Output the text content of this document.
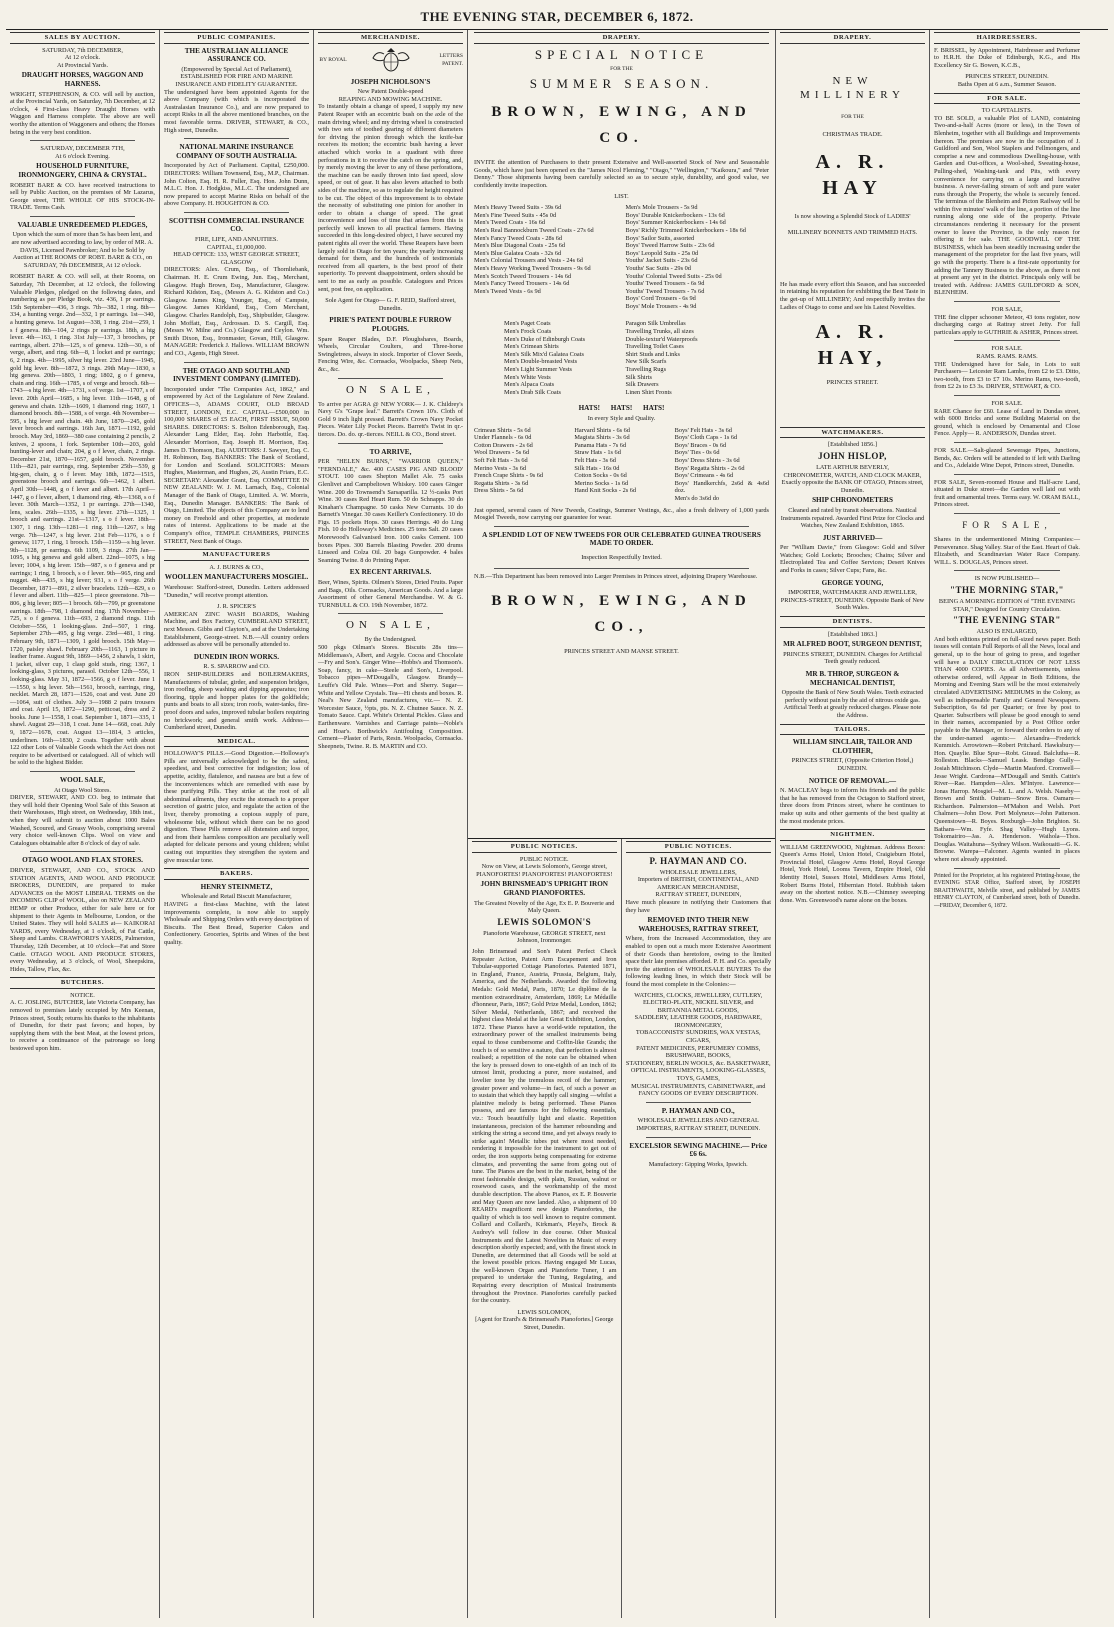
THE EVENING STAR, DECEMBER 6, 1872.
SALES BY AUCTION.
SATURDAY, 7th DECEMBER,
At 12 o'clock.
At Provincial Yards.
DRAUGHT HORSES, WAGGON AND HARNESS.
WRIGHT, STEPHENSON, & CO. will sell by auction, at the Provincial Yards, on Saturday, 7th December, at 12 o'clock, 4 First-class Heavy Draught Horses with Waggon and Harness complete. The above are well worthy the attention of Waggoners and others; the Horses being in the very best condition.
SATURDAY, DECEMBER 7TH,
At 6 o'clock Evening.
HOUSEHOLD FURNITURE, IRONMONGERY, CHINA & CRYSTAL.
ROBERT BARE & CO. have received instructions to sell by Public Auction, on the premises of Mr Lazarus, George street, THE WHOLE OF HIS STOCK-IN-TRADE. Terms Cash.
VALUABLE UNREDEEMED PLEDGES,
Upon which the sum of more than 5s has been lent, and are now advertised according to law, by order of MR. A. DAVIS, Licensed Pawnbroker; And to be Sold by Auction at THE ROOMS OF ROBT. BARE & CO., on SATURDAY, 7th DECEMBER, At 12 o'clock.
ROBERT BARE & CO. will sell, at their Rooms, on Saturday, 7th December, at 12 o'clock, the following Valuable Pledges, pledged on the following dates, and numbering as per Pledge Book, viz. 436, 1 pr earrings. 15th September—436, 3 rings. 7th—382, 1 ring. 8th—334, a hunting verge. 2nd—332, 1 pr earrings. 1st—340, a hunting geneva. 1st August—338, 1 ring. 21st—259, 1 s f geneva. 8th—104, 2 rings pr earrings. 18th, a htg lever. 4th—163, 1 ring. 31st July—137, 3 brooches, pr earrings, albert. 27th—125, s of geneva. 12th—30, s of verge, albert, and ring. 6th—8, 1 locket and pr earrings; 6, 2 rings. 4th—1995, silver htg lever. 23rd June—1945, gold htg lever. 8th—1872, 3 rings. 29th May—1830, s htg geneva. 20th—1803, 1 ring; 1802, g o f geneva, chain and ring. 16th—1785, s of verge and brooch. 6th—1743—s htg lever. 4th—1731, s of verge. 1st—1707, s of lever. 20th April—1685, s htg lever. 11th—1648, g of geneva and chain. 12th—1609, 1 diamond ring; 1607, 1 diamond brooch. 8th—1588, s of verge. 4th November—595, s htg lever and chain. 4th June, 1870—245, gold lever brooch and earrings. 16th Jan, 1871—1192, gold brooch. May 3rd, 1869—380 case containing 2 pencils, 2 knives, 2 spoons, 1 fork. September 10th—203, gold hunting-lever and chain; 204, g o f lever, chain, 2 rings. December 21st, 1870—1657, gold brooch. November 11th—821, pair earrings, ring. September 25th—539, g htg-gen, chain, g o f lever. May 18th, 1872—1515, greenstone brooch and earrings. 6th—1462, 1 albert. April 30th—1448, g o f lever and albert. 17th April—1447, g o f lever, albert, 1 diamond ring. 4th—1368, s o f lever. 30th March—1352, 1 pr earrings. 27th—1340, lens, scales. 26th—1335, s htg lever. 27th—1325, 1 brooch and earrings. 21st—1317, s o f lever. 18th—1307, 1 ring. 13th—1281—1 ring. 11th—1267, s htg verge. 7th—1247, s htg lever. 21st Feb—1176, s o f geneva; 1177, 1 ring, 1 brooch. 15th—1159—s htg lever. 9th—1128, pr earrings. 6th 1109, 3 rings. 27th Jan—1095, s htg geneva and gold albert. 22nd—1075, s htg lever; 1004, s htg lever. 15th—987, s o f geneva and pr earrings; 1 ring, 1 brooch, s o f lever. 9th—965, ring and nugget. 4th—435, s htg lever; 931, s o f verge. 26th December, 1871—891, 2 silver bracelets. 12th—829, s o f lever and albert. 11th—825—1 piece greenstone. 7th—806, g htg lever; 805—1 brooch. 6th—799, pr greenstone earrings. 18th—798, 1 diamond ring. 17th November—725, s o f geneva. 11th—693, 2 diamond rings. 11th October—556, 1 looking-glass. 2nd—507, 1 ring. September 27th—495, g htg verge. 23rd—481, 1 ring. February 9th, 1871—1309, 1 gold brooch. 15th May—1720, paisley shawl. February 20th—1163, 1 picture in leather frame. August 9th, 1869—1456, 2 shawls, 1 skirt, 1 jacket, silver cup, 1 clasp gold studs, ring; 1367, 1 looking-glass, 3 pictures, parasol. October 12th—556, 1 looking-glass. May 31, 1872—1566, g o f lever. June 1—1550, s htg lever. 5th—1561, brooch, earrings, ring, necklet. March 28, 1871—1526, coat and vest. June 20—1064, suit of clothes. July 3—1988 2 pairs trousers and coat. April 15, 1872—1290, petticoat, dress and 2 books. June 1—1558, 1 coat. September 1, 1871—335, 1 shawl. August 29—318, 1 coat. June 14—668, coat. July 9, 1872—1678, coat. August 13—1814, 3 articles, underlinen. 16th—1830, 2 coats. Together with about 122 other Lots of Valuable Goods which the Act does not require to be advertised or catalogued. All of which will be sold to the highest Bidder.
WOOL SALE,
At Otago Wool Stores.
DRIVER, STEWART, AND CO. beg to intimate that they will hold their Opening Wool Sale of this Season at their Warehouses, High street, on Wednesday, 18th inst., when they will submit to auction about 1000 Bales Washed, Scoured, and Greasy Wools, comprising several very choice well-known Clips. Wool on view and Catalogues obtainable after 8 o'clock of day of sale.
OTAGO WOOL AND FLAX STORES.
DRIVER, STEWART, AND CO., STOCK AND STATION AGENTS, AND WOOL AND PRODUCE BROKERS, DUNEDIN, are prepared to make ADVANCES on the MOST LIBERAL TERMS on the INCOMING CLIP of WOOL, also on NEW ZEALAND HEMP or other Produce, either for sale here or for shipment to their Agents in Melbourne, London, or the United States. They will hold SALES at— KAIKORAI YARDS, every Wednesday, at 1 o'clock, of Fat Cattle, Sheep and Lambs. CRAWFORD'S YARDS, Palmerston, Thursday, 12th December, at 10 o'clock—Fat and Store Cattle. OTAGO WOOL AND PRODUCE STORES, every Wednesday, at 3 o'clock, of Wool, Sheepskins, Hides, Tallow, Flax, &c.
BUTCHERS.
NOTICE.
A. C. JOSLING, BUTCHER, late Victoria Company, has removed to premises lately occupied by Mrs Keenan, Princes street, South; returns his thanks to the inhabitants of Dunedin, for their past favors; and hopes, by supplying them with the best Meat, at the lowest prices, to receive a continuance of the patronage so long bestowed upon him.
PUBLIC COMPANIES.
THE AUSTRALIAN ALLIANCE ASSURANCE CO.
(Empowered by Special Act of Parliament), ESTABLISHED FOR FIRE AND MARINE INSURANCE AND FIDELITY GUARANTEE.
The undersigned have been appointed Agents for the above Company (with which is incorporated the Australasian Insurance Co.), and are now prepared to accept Risks in all the above mentioned branches, on the most favorable terms. DRIVER, STEWART, & CO., High street, Dunedin.
NATIONAL MARINE INSURANCE COMPANY OF SOUTH AUSTRALIA.
Incorporated by Act of Parliament. Capital, £250,000. DIRECTORS: William Townsend, Esq., M.P., Chairman. John Colton, Esq. H. R. Fuller, Esq. Hon. John Dunn, M.L.C. Hon. J. Hodgkiss, M.L.C. The undersigned are now prepared to accept Marine Risks on behalf of the above Company. H. HOUGHTON & CO.
SCOTTISH COMMERCIAL INSURANCE CO.
FIRE, LIFE, AND ANNUITIES.
CAPITAL, £1,000,000.
HEAD OFFICE: 133, WEST GEORGE STREET, GLASGOW
DIRECTORS: Alex. Crum, Esq., of Thornliebank, Chairman. H. E. Crum Ewing, Jun. Esq., Merchant, Glasgow. Hugh Brown, Esq., Manufacturer, Glasgow. Richard Kidston, Esq., (Messrs A. G. Kidston and Co.) Glasgow. James King, Younger, Esq., of Campsie, Glasgow. James Kirkland, Esq., Corn Merchant, Glasgow. Charles Randolph, Esq., Shipbuilder, Glasgow. John Moffatt, Esq., Ardrossan. D. S. Cargill, Esq. (Messrs W. Milne and Co.) Glasgow and Ceylon. Wm. Smith Dixon, Esq., Ironmaster, Govan, Hill, Glasgow. MANAGER: Frederick J. Hallows. WILLIAM BROWN and CO., Agents, High Street.
THE OTAGO AND SOUTHLAND INVESTMENT COMPANY (LIMITED).
Incorporated under "The Companies Act, 1862," and empowered by Act of the Legislature of New Zealand. OFFICES—3, ADAMS COURT, OLD BROAD STREET, LONDON, E.C. CAPITAL—£500,000 in 100,000 SHARES of £5 EACH, FIRST ISSUE, 50,000 SHARES. DIRECTORS: S. Bolton Edenborough, Esq. Alexander Lang Elder, Esq. John Harbottle, Esq. Alexander Morrison, Esq. Joseph H. Morrison, Esq. James D. Thomson, Esq. AUDITORS: J. Sawyer, Esq. C. H. Robinson, Esq. BANKERS: The Bank of Scotland, for London and Scotland. SOLICITORS: Messrs Hughes, Masterman, and Hughes, 26, Austin Friars, E.C. SECRETARY: Alexander Grant, Esq. COMMITTEE IN NEW ZEALAND: W. J. M. Larnach, Esq., Colonial Manager of the Bank of Otago, Limited. A. W. Morris, Esq., Dunedin Manager. BANKERS: The Bank of Otago, Limited. The objects of this Company are to lend money on Freehold and other properties, at moderate rates of interest. Applications to be made at the Company's office, TEMPLE CHAMBERS, PRINCES STREET, Next Bank of Otago.
MANUFACTURERS
A. J. BURNS & CO.,
WOOLLEN MANUFACTURERS MOSGIEL.
Warehouse: Stafford-street, Dunedin. Letters addressed "Dunedin," will receive prompt attention.
J. R. SPICER'S
AMERICAN ZINC WASH BOARDS, Washing Machine, and Box Factory, CUMBERLAND STREET, next Messrs. Gibbs and Clayton's, and at the Undertaking Establishment, George-street. N.B.—All country orders addressed as above will be personally attended to.
DUNEDIN IRON WORKS.
R. S. SPARROW and CO.
IRON SHIP-BUILDERS and BOILERMAKERS, Manufacturers of tubular, girder, and suspension bridges, iron rooflng, sheep washing and dipping apparatus; iron flooring, tipple and hopper plates for the goldfields; punts and boats to all sizes; iron roofs, water-tanks, fire-proof doors and safes, improved tubular boilers requiring no brickwork; and general smith work. Address—Cumberland street, Dunedin.
MEDICAL.
HOLLOWAY'S PILLS.—Good Digestion.—Holloway's Pills are universally acknowledged to be the safest, speediest, and best corrective for indigestion; loss of appetite, acidity, flatulence, and nausea are but a few of the inconveniences which are remedied with ease by these purifying Pills. They strike at the root of all abdominal ailments, they excite the stomach to a proper secretion of gastric juice, and regulate the action of the liver, thereby promoting a copious supply of pure, wholesome bile, without which there can be no good digestion. These Pills remove all distension and torpor, and from their harmless composition are peculiarly well adapted for delicate persons and young children; whilst casting out impurities they strengthen the system and give muscular tone.
BAKERS.
HENRY STEINMETZ,
Wholesale and Retail Biscuit Manufacturer,
HAVING a first-class Machine, with the latest improvements complete, is now able to supply Wholesale and Shipping Orders with every description of Biscuits. The Best Bread, Superior Cakes and Confectionery. Groceries, Spirits and Wines of the best quality.
MERCHANDISE.
BY ROYAL
LETTERS PATENT.
JOSEPH NICHOLSON'S
New Patent Double-speed
REAPING AND MOWING MACHINE.
To instantly obtain a change of speed, I supply my new Patent Reaper with an eccentric bush on the axle of the main driving wheel; and my driving wheel is constructed with two sets of toothed gearing of different diameters for driving the pinion through which the knife-bar receives its motion; the eccentric bush having a lever attached which works in a quadrant with three perforations in it to receive the catch on the spring, and, by merely moving the lever to any of these perforations, the machine can be easily thrown into fast speed, slow speed, or out of gear. It has also levers attached to both sides of the machine, so as to regulate the height required to be cut. The object of this improvement is to obviate the necessity of substituting one pinion for another in order to obtain a change of speed. The great inconvenience and loss of time that arises from this is perfectly well known to all practical farmers. Having succeeded in this long-desired object, I have secured my patent rights all over the world. These Reapers have been largely sold in Otago for ten years; the yearly increasing demand for them, and the hundreds of testimonials received from all quarters, is the best proof of their superiority. To prevent disappointment, orders should be sent to me as early as possible. Catalogues and Prices sent, post free, on application.
Sole Agent for Otago— G. F. REID, Stafford street, Dunedin.
PIRIE'S PATENT DOUBLE FURROW PLOUGHS.
Spare Reaper Blades, D.F. Ploughshares, Boards, Wheels, Circular Coulters, and Three-horse Swingletrees, always in stock. Importer of Clover Seeds, Fencing Wire, &c. Cornsacks, Woolpacks, Sheep Nets, &c., &c.
ON SALE,
To arrive per AGRA @ NEW YORK— J. K. Childrey's Navy G's "Grape leaf." Barrett's Crown 10's. Cloth of Gold 9 inch light pressed. Barrett's Crown Navy Pocket Pieces. Water Lily Pocket Pieces. Barrett's Twist in qr.-tierces. Do. do. qr.-tierces. NEILL & CO., Bond street.
TO ARRIVE,
PER "HELEN BURNS," "WARRIOR QUEEN," "FERNDALE," &c. 400 CASES PIG AND BLOOD' STOUT. 100 cases Shepton Mallet Ale. 75 casks Glenlivet and Campbeltown Whiskey. 100 cases Ginger Wine. 200 do Townsend's Sarsaparilla. 12 ½-casks Port Wine. 30 cases Red Heart Rum. 50 do Schnapps. 30 do Kinahan's Champagne. 50 casks New Currants. 10 do Barnett's Vinegar. 30 cases Keiller's Confectionery. 10 do Figs. 15 pockets Hops. 30 cases Herrings. 40 do Ling Fish. 10 do Holloway's Medicines. 25 tons Salt. 20 cases Morewood's Galvanised Iron. 100 casks Cement. 100 boxes Pipes. 300 Barrels Blasting Powder. 200 drums Linseed and Colza Oil. 20 bags Gunpowder. 4 bales Seaming Twine. 8 do Printing Paper.
EX RECENT ARRIVALS.
Beer, Wines, Spirits. Oilmen's Stores, Dried Fruits. Paper and Bags, Oils. Cornsacks, American Goods. And a large Assortment of other General Merchandise. W. & G. TURNBULL & CO. 19th November, 1872.
ON SALE,
By the Undersigned.
500 pkgs Oilman's Stores. Biscuits 28s tins—Middlemass's, Albert, and Argyle. Cocoa and Chocolate—Fry and Son's. Ginger Wine—Hobbs's and Thomson's. Soap, fancy, in cake—Steele and Son's, Liverpool. Tobacco pipes—M'Dougall's, Glasgow. Brandy—Leuffe's Old Pale. Wines—Port and Sherry. Sugar—White and Yellow Crystals. Tea—Hi chests and boxes. R. Neal's New Zealand manufactures, viz.— N. Z. Worcester Sauce, ½pts, pts. N. Z. Chutnee Sauce. N. Z. Tomato Sauce. Capt. White's Oriental Pickles. Glass and Earthenware. Varnishes and Carriage paints—Noble's and Hoar's. Borthwick's Antifouling Composition. Cement—Plaster of Paris, Resin. Woolpacks, Cornsacks. Sheepnets, Twine. R. B. MARTIN and CO.
DRAPERY.
SPECIAL NOTICE
FOR THE
SUMMER SEASON.
BROWN, EWING, AND CO.
INVITE the attention of Purchasers to their present Extensive and Well-assorted Stock of New and Seasonable Goods, which have just been opened ex the "James Nicol Fleming," "Otago," "Wellington," "Kaikoura," and "Peter Denny." Those shipments having been carefully selected so as to secure style, durability, and good value, we confidently invite inspection.
LIST.
Men's Heavy Tweed Suits - 39s 6d
Men's Fine Tweed Suits - 45s 0d
Men's Tweed Coats - 16s 6d
Men's Real Bannockburn Tweed Coats - 27s 6d
Men's Fancy Tweed Coats - 28s 6d
Men's Blue Diagonal Coats - 25s 6d
Men's Blue Galatea Coats - 32s 6d
Men's Colonial Trousers and Vests - 24s 6d
Men's Heavy Working Tweed Trousers - 9s 6d
Men's Scotch Tweed Trousers - 14s 6d
Men's Fancy Tweed Trousers - 14s 6d
Men's Tweed Vests - 6s 9d
Men's Mole Trousers - 5s 9d
Boys' Durable Knickerbockers - 13s 6d
Boys' Summer Knickerbockers - 14s 6d
Boys' Richly Trimmed Knickerbockers - 18s 6d
Boys' Sailor Suits, assorted
Boys' Tweed Harrow Suits - 23s 6d
Boys' Leopold Suits - 25s 0d
Youths' Jacket Suits - 23s 6d
Youths' Sac Suits - 29s 0d
Youths' Colonial Tweed Suits - 25s 0d
Youths' Tweed Trousers - 6s 9d
Youths' Tweed Trousers - 7s 6d
Boys' Cord Trousers - 6s 9d
Boys' Mole Trousers - 4s 9d
Men's Paget Coats
Men's Frock Coats
Men's Duke of Edinburgh Coats
Men's Crimean Shirts
Men's Silk Mix'd Galatea Coats
Men's Double-breasted Vests
Men's Light Summer Vests
Men's White Vests
Men's Alpaca Coats
Men's Drab Silk Coats
Paragon Silk Umbrellas
Travelling Trunks, all sizes
Double-textur'd Waterproofs
Travelling Toilet Cases
Shirt Studs and Links
New Silk Scarfs
Travelling Rugs
Silk Shirts
Silk Drawers
Linen Shirt Fronts
HATS!      HATS!      HATS!
In every Style and Quality.
Crimean Shirts - 5s 6d
Under Flannels - 6s 0d
Cotton Drawers - 2s 6d
Wool Drawers - 5s 6d
Soft Felt Hats - 3s 6d
Merino Vests - 3s 6d
French Crape Shirts - 9s 6d
Regatta Shirts - 3s 6d
Dress Shirts - 5s 6d
Harvard Shirts - 6s 6d
Magista Shirts - 3s 6d
Panama Hats - 7s 6d
Straw Hats - 1s 6d
Felt Hats - 3s 6d
Silk Hats - 16s 0d
Cotton Socks - 0s 6d
Merino Socks - 1s 6d
Hand Knit Socks - 2s 6d
Boys' Felt Hats - 3s 6d
Boys' Cloth Caps - 1s 6d
Boys' Braces - 0s 6d
Boys' Ties - 0s 6d
Boys' Dress Shirts - 3s 6d
Boys' Regatta Shirts - 2s 6d
Boys' Crimeans - 4s 6d
Boys' Handkerchfs, 2s6d & 4s6d doz.
Men's do 3s6d do
Just opened, several cases of New Tweeds, Coatings, Summer Vestings, &c., also a fresh delivery of 1,000 yards Mosgiel Tweeds, now carrying our guarantee for wear.
A SPLENDID LOT OF NEW TWEEDS FOR OUR CELEBRATED GUINEA TROUSERS MADE TO ORDER.
Inspection Respectfully Invited.
N.B.—This Department has been removed into Larger Premises in Princes street, adjoining Drapery Warehouse.
BROWN, EWING, AND CO.,
PRINCES STREET AND MANSE STREET.
PUBLIC NOTICES.
PUBLIC NOTICE.
Now on View, at Lewis Solomon's, George street, PIANOFORTES! PIANOFORTES! PIANOFORTES!
JOHN BRINSMEAD'S UPRIGHT IRON GRAND PIANOFORTES.
The Greatest Novelty of the Age, Ex E. P. Bouverie and Maly Queen.
LEWIS SOLOMON'S
Pianoforte Warehouse, GEORGE STREET, next Johnson, Ironmonger.
John Brinsmead and Son's Patent Perfect Check Repeater Action, Patent Arm Escapement and Iron Tubular-supported Cottage Pianofortes. Patented 1871, in England, France, Austria, Prussia, Belgium, Italy, America, and the Netherlands. Awarded the following Medals: Gold Medal, Paris, 1870; Le diplôme de la mention extraordinaire, Amsterdam, 1869; Le Médaille d'honneur, Paris, 1867; Gold Prize Medal, London, 1862; Silver Medal, Netherlands, 1867; and received the highest class Medal at the late Great Exhibition, London, 1872. These Pianos have a world-wide reputation, the extraordinary power of the smallest instruments being equal to those cumbersome and Coffin-like Grands; the touch is of so sensitive a nature, that perfection is almost realised; a repetition of the note can be obtained when the key is pressed down to one-eighth of an inch of its utmost limit, producing a purer, more sustained, and lovelier tone by the tremulous recoil of the hammer; greater power and volume—in fact, of such a power as to sustain that which they happily call singing —whilst a plaintive melody is being performed. These Pianos possess, and are famous for the following essentials, viz.: Touch beautifully light and elastic. Repetition instantaneous, precision of the hammer rebounding and striking the string a second time, and yet always ready to strike again! Metallic tubes put where most needed, rendering it impossible for the instrument to get out of order, the iron supports being compensating for extreme climates, and preventing the same from going out of tune. The Pianos are the best in the market, being of the most fashionable design, with plain, Russian, walnut or rosewood cases, and the workmanship of the most durable description. The above Pianos, ex E. P. Bouverie and May Queen are now landed. Also, a shipment of 10 REARD's magnificent new design Pianofortes, the quality of which is too well known to require comment. Collard and Collard's, Kirkman's, Pleyel's, Brock & Audrey's will follow in due course. Other Musical Instruments and the Latest Novelties in Music of every description shortly expected; and, with the finest stock in Dunedin, are determined that all Goods will be sold at the lowest possible prices. Having engaged Mr Lucas, the well-known Organ and Pianoforte Tuner, I am prepared to undertake the Tuning, Regulating, and Repairing every description of Musical Instruments throughout the Province. Pianofortes carefully packed for the country.
LEWIS SOLOMON,
[Agent for Erard's & Brinsmead's Pianofortes.] George Street, Dunedin.
PUBLIC NOTICES.
P. HAYMAN AND CO.
WHOLESALE JEWELLERS,
Importers of BRITISH, CONTINENTAL, AND AMERICAN MERCHANDISE,
RATTRAY STREET, DUNEDIN,
Have much pleasure in notifying their Customers that they have
REMOVED INTO THEIR NEW WAREHOUSES, RATTRAY STREET,
Where, from the Increased Accommodation, they are enabled to open out a much more Extensive Assortment of their Goods than heretofore, owing to the limited space their late premises afforded. P. H. and Co. specially invite the attention of WHOLESALE BUYERS To the following leading lines, in which their Stock will be found the most complete in the Colonies:—
WATCHES, CLOCKS, JEWELLERY, CUTLERY,
ELECTRO-PLATE, NICKEL SILVER, and BRITANNIA METAL GOODS,
SADDLERY, LEATHER GOODS, HARDWARE, IRONMONGERY,
TOBACCONISTS' SUNDRIES, WAX VESTAS, CIGARS,
PATENT MEDICINES, PERFUMERY COMBS, BRUSHWARE, BOOKS,
STATIONERY, BERLIN WOOLS, &c. BASKETWARE,
OPTICAL INSTRUMENTS, LOOKING-GLASSES, TOYS, GAMES,
MUSICAL INSTRUMENTS, CABINETWARE, and
FANCY GOODS OF EVERY DESCRIPTION.
P. HAYMAN AND CO.,
WHOLESALE JEWELLERS AND GENERAL IMPORTERS, RATTRAY STREET, DUNEDIN.
EXCELSIOR SEWING MACHINE.— Price £6 6s.
Manufactory: Gipping Works, Ipswich.
DRAPERY.
NEW MILLINERY
FOR THE
CHRISTMAS TRADE.
A. R. HAY
Is now showing a Splendid Stock of LADIES' MILLINERY BONNETS AND TRIMMED HATS.
He has made every effort this Season, and has succeeded in retaining his reputation for exhibiting the Best Taste in the get-up of MILLINERY; And respectfully invites the Ladies of Otago to come and see his Latest Novelties.
A. R. HAY,
PRINCES STREET.
WATCHMAKERS.
[Established 1856.]
JOHN HISLOP,
LATE ARTHUR BEVERLY,
CHRONOMETER, WATCH, AND CLOCK MAKER, Exactly opposite the BANK OF OTAGO, Princes street, Dunedin.
SHIP CHRONOMETERS
Cleaned and rated by transit observations. Nautical Instruments repaired. Awarded First Prize for Clocks and Watches, New Zealand Exhibition, 1865.
JUST ARRIVED—
Per "William Davie," from Glasgow: Gold and Silver Watches; Gold Lockets; Brooches; Chains; Silver and Electroplated Tea and Coffee Services; Desert Knives and Forks in cases; Silver Cups; Fans, &c.
GEORGE YOUNG,
IMPORTER, WATCHMAKER AND JEWELLER, PRINCES-STREET, DUNEDIN. Opposite Bank of New South Wales.
DENTISTS.
[Established 1863.]
MR ALFRED BOOT, SURGEON DENTIST,
PRINCES STREET, DUNEDIN. Charges for Artificial Teeth greatly reduced.
MR B. THROP, SURGEON & MECHANICAL DENTIST,
Opposite the Bank of New South Wales. Teeth extracted perfectly without pain by the aid of nitrous oxide gas. Artificial Teeth at greatly reduced charges. Please note the Address.
TAILORS.
WILLIAM SINCLAIR, TAILOR AND CLOTHIER,
PRINCES STREET, (Opposite Criterion Hotel,) DUNEDIN.
NOTICE OF REMOVAL.—
N. MACLEAY begs to inform his friends and the public that he has removed from the Octagon to Stafford street, three doors from Princes street, where he continues to make up suits and other garments of the best quality at the most moderate prices.
NIGHTMEN.
WILLIAM GREENWOOD, Nightman. Address Boxes: Queen's Arms Hotel, Union Hotel, Craigieburn Hotel, Provincial Hotel, Glasgow Arms Hotel, Royal George Hotel, York Hotel, Looms Tavern, Empire Hotel, Old Identity Hotel, Sussex Hotel, Middlesex Arms Hotel, Robert Burns Hotel, Hibernian Hotel. Rubbish taken away on the shortest notice. N.B.—Chimney sweeping done. Wm. Greenwood's name alone on the boxes.
HAIRDRESSERS.
F. BRISSEL, by Appointment, Hairdresser and Perfumer to H.R.H. the Duke of Edinburgh, K.G., and His Excellency Sir G. Bowen, K.C.B.,
PRINCES STREET, DUNEDIN.
Baths Open at 6 a.m., Summer Season.
FOR SALE.
TO CAPITALISTS.
TO BE SOLD, a valuable Plot of LAND, containing Two-and-a-half Acres (more or less), in the Town of Blenheim, together with all Buildings and Improvements thereon. The premises are now in the occupation of J. Guildford and Son, Wool Staplers and Fellmongers, and comprise a new and commodious Dwelling-house, with Garden and Out-offices, a Wool-shed, Sweating-house, Pulling-shed, Washing-tank and Pits, with every convenience for carrying on a large and lucrative business. A never-failing stream of soft and pure water runs through the Property, the whole is securely fenced. The terminus of the Blenheim and Picton Railway will be within five minutes' walk of the line, a portion of the line running along one side of the property. Private circumstances rendering it necessary for the present owner to leave the Province, is the only reason for offering it for sale. THE GOODWILL OF THE BUSINESS, which has been steadily increasing under the management of the proprietor for the last five years, will go with the property. There is a first-rate opportunity for adding the Tannery Business to the above, as there is not at present any yet in the district. Principals only will be treated with. Address: JAMES GUILDFORD & SON, BLENHEIM.
FOR SALE,
THE fine clipper schooner Meteor, 43 tons register, now discharging cargo at Rattray street Jetty. For full particulars apply to GUTHRIE & ASHER, Princes street.
FOR SALE.
RAMS. RAMS. RAMS.
THE Undersigned have for Sale, in Lots to suit Purchasers— Leicester Ram Lambs, from £2 to £3. Ditto, two-tooth, from £3 to £7 10s. Merino Rams, two-tooth, from £2 2s to £3 3s. DRIVER, STEWART, & CO.
FOR SALE.
RARE Chance for £60. Lease of Land in Dundas street, with 6000 Bricks and some Building Material on the ground, which is enclosed by Ornamental and Close Fence. Apply— R. ANDERSON, Dundas street.
FOR SALE.—Salt-glazed Sewerage Pipes, Junctions, Bends, &c. Orders will be attended to if left with Darling and Co., Adelaide Wine Depot, Princes street, Dunedin.
FOR SALE, Seven-roomed House and Half-acre Land, situated in Duke street—the Garden well laid out with fruit and ornamental trees. Terms easy. W. ORAM BALL, Princes street.
FOR SALE,
Shares in the undermentioned Mining Companies:— Perseverance. Shag Valley. Star of the East. Heart of Oak. Elizabeth, and Scandinavian Water Race Company. WILL. S. DOUGLAS, Princes street.
IS NOW PUBLISHED—
"THE MORNING STAR,"
BEING A MORNING EDITION of "THE EVENING STAR," Designed for Country Circulation.
"THE EVENING STAR"
ALSO IS ENLARGED,
And both editions printed on full-sized news paper. Both issues will contain Full Reports of all the News, local and general, up to the hour of going to press, and together will have a DAILY CIRCULATION OF NOT LESS THAN 4000 COPIES. As all Advertisements, unless otherwise ordered, will Appear in Both Editions, the Morning and Evening Stars will be the most extensively circulated ADVERTISING MEDIUMS in the Colony, as well as indispensable Family and General Newspapers. Subscription, 6s 6d per Quarter; or free by post to Quarter. Subscribers will please be good enough to send in their names, accompanied by a Post Office order payable to the Manager, or forward their orders to any of the under-named agents:— Alexandra—Frederick Kummich. Arrowtown—Robert Pritchard. Hawksbury—Hon. Quaylie. Blue Spur—Robt. Giraud. Balclutha—R. Rolleston. Blacks—Samuel Leask. Bendigo Gully—Josiah Mitchinson. Clyde—Martin Mauford. Cromwell—Jesse Wright. Cardrona—M'Dougall and Smith. Cattin's River—Rae. Hampden—Alex. M'Intyre. Lawrence—Jonas Harrop. Mosgiel—M. L. and A. Welsh. Naseby—Brown and Smith. Outram—Snow Bros. Oamaru—Richardson. Palmerston—M'Mahon and Welsh. Port Chalmers—John Dow. Port Molyneux—John Patterson. Queenstown—R. Boyes. Roxburgh—John Brighton. St. Bathans—Wm. Fyfe. Shag Valley—Hugh Lyons. Tokomairiro—Jas. A. Henderson. Waihola—Thos. Douglas. Waitahuna—Sydney Wilson. Waikouaiti—G. K. Browne. Warepa—Falconer. Agents wanted in places where not already appointed.
Printed for the Proprietor, at his registered Printing-house, the EVENING STAR Office, Stafford street, by JOSEPH BRAITHWAITE, Melville street, and published by JAMES HENRY CLAYTON, of Cumberland street, both of Dunedin.—FRIDAY, December 6, 1872.
